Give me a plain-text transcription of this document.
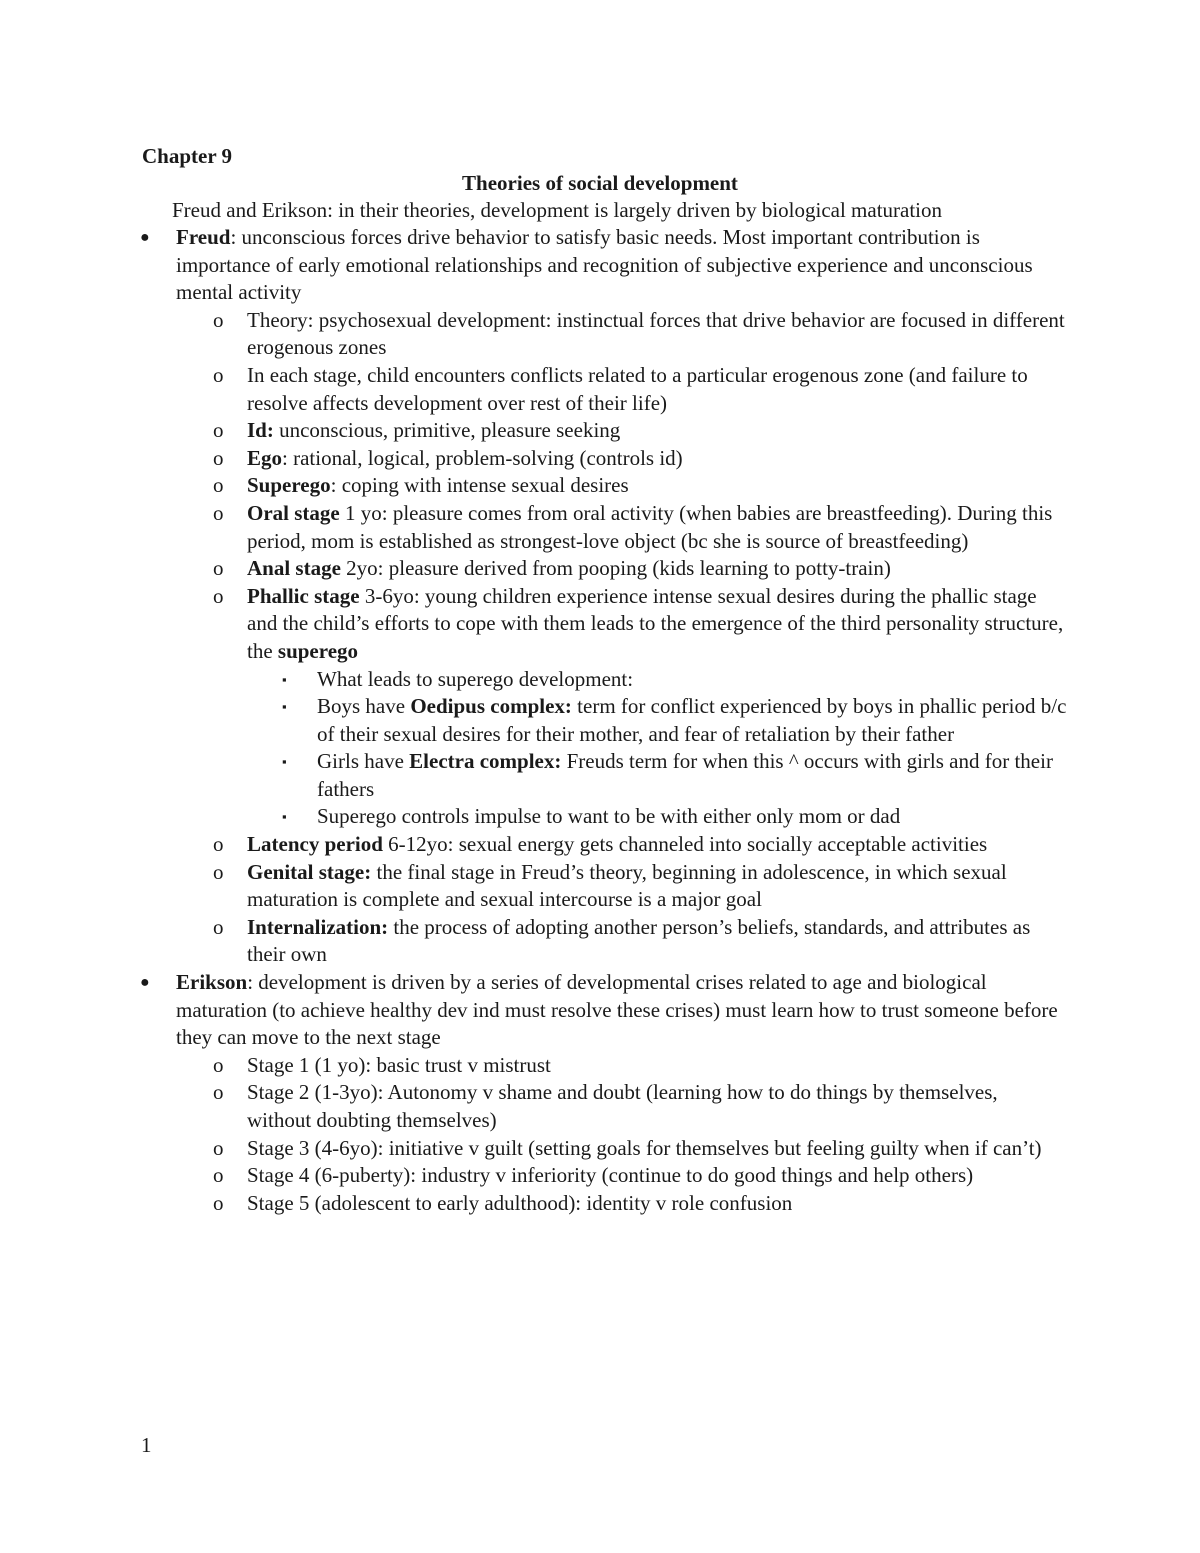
Chapter 9

Theories of social development

Freud and Erikson: in their theories, development is largely driven by biological maturation

● Freud: unconscious forces drive behavior to satisfy basic needs. Most important contribution is importance of early emotional relationships and recognition of subjective experience and unconscious mental activity
o Theory: psychosexual development: instinctual forces that drive behavior are focused in different erogenous zones
o In each stage, child encounters conflicts related to a particular erogenous zone (and failure to resolve affects development over rest of their life)
o Id: unconscious, primitive, pleasure seeking
o Ego: rational, logical, problem-solving (controls id)
o Superego: coping with intense sexual desires
o Oral stage 1 yo: pleasure comes from oral activity (when babies are breastfeeding). During this period, mom is established as strongest-love object (bc she is source of breastfeeding)
o Anal stage 2yo: pleasure derived from pooping (kids learning to potty-train)
o Phallic stage 3-6yo: young children experience intense sexual desires during the phallic stage and the child’s efforts to cope with them leads to the emergence of the third personality structure, the superego
▪ What leads to superego development:
▪ Boys have Oedipus complex: term for conflict experienced by boys in phallic period b/c of their sexual desires for their mother, and fear of retaliation by their father
▪ Girls have Electra complex: Freuds term for when this ^ occurs with girls and for their fathers
▪ Superego controls impulse to want to be with either only mom or dad
o Latency period 6-12yo: sexual energy gets channeled into socially acceptable activities
o Genital stage: the final stage in Freud’s theory, beginning in adolescence, in which sexual maturation is complete and sexual intercourse is a major goal
o Internalization: the process of adopting another person’s beliefs, standards, and attributes as their own
● Erikson: development is driven by a series of developmental crises related to age and biological maturation (to achieve healthy dev ind must resolve these crises) must learn how to trust someone before they can move to the next stage
o Stage 1 (1 yo): basic trust v mistrust
o Stage 2 (1-3yo): Autonomy v shame and doubt (learning how to do things by themselves, without doubting themselves)
o Stage 3 (4-6yo): initiative v guilt (setting goals for themselves but feeling guilty when if can’t)
o Stage 4 (6-puberty): industry v inferiority (continue to do good things and help others)
o Stage 5 (adolescent to early adulthood): identity v role confusion

1
